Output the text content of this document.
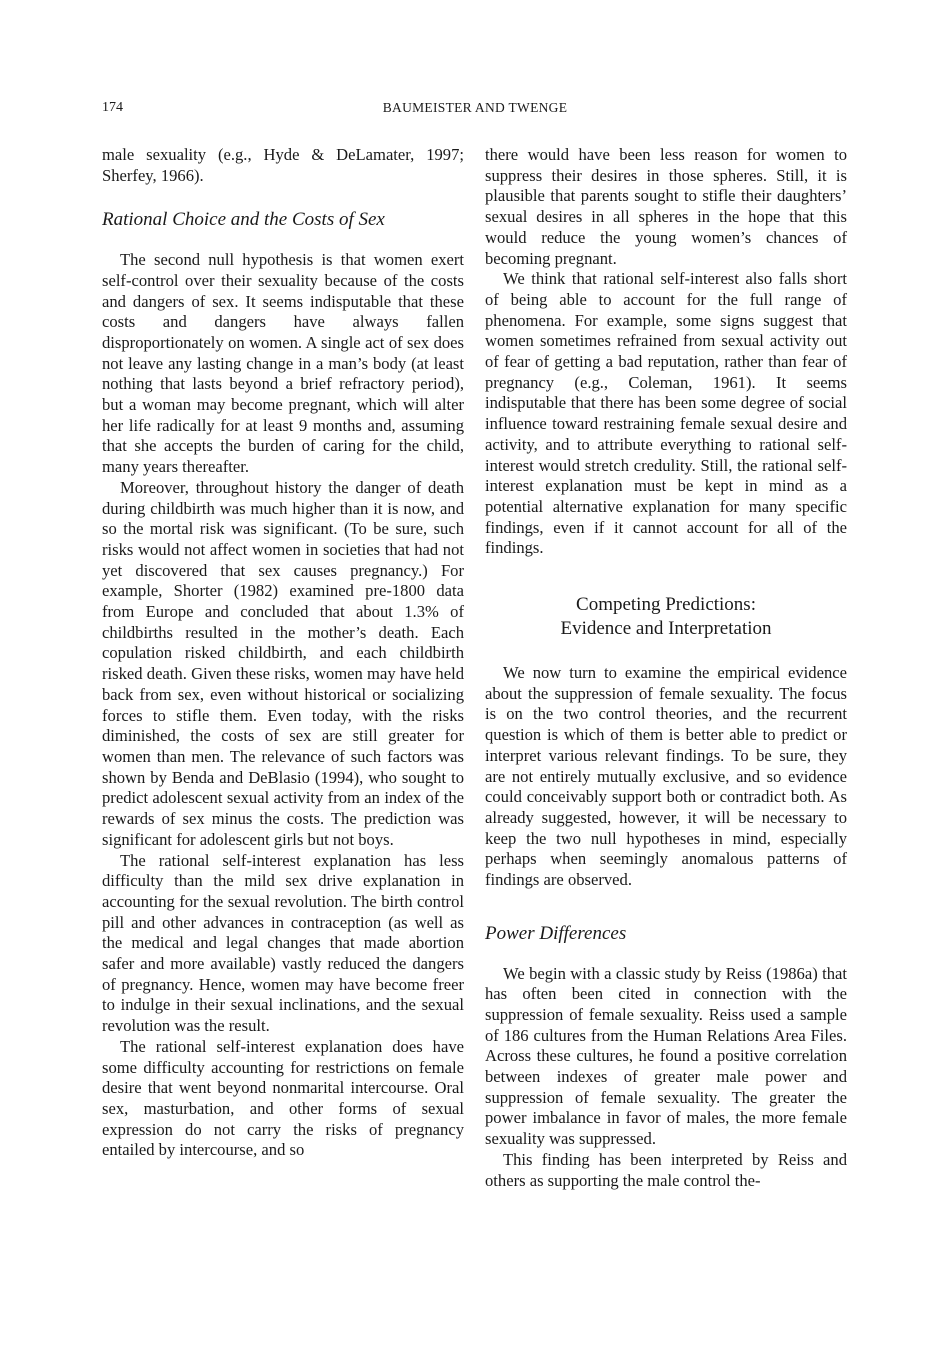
174	BAUMEISTER AND TWENGE

male sexuality (e.g., Hyde & DeLamater, 1997; Sherfey, 1966).

Rational Choice and the Costs of Sex

The second null hypothesis is that women exert self-control over their sexuality because of the costs and dangers of sex. It seems indisputable that these costs and dangers have always fallen disproportionately on women. A single act of sex does not leave any lasting change in a man’s body (at least nothing that lasts beyond a brief refractory period), but a woman may become pregnant, which will alter her life radically for at least 9 months and, assuming that she accepts the burden of caring for the child, many years thereafter.

Moreover, throughout history the danger of death during childbirth was much higher than it is now, and so the mortal risk was significant. (To be sure, such risks would not affect women in societies that had not yet discovered that sex causes pregnancy.) For example, Shorter (1982) examined pre-1800 data from Europe and concluded that about 1.3% of childbirths resulted in the mother’s death. Each copulation risked childbirth, and each childbirth risked death. Given these risks, women may have held back from sex, even without historical or socializing forces to stifle them. Even today, with the risks diminished, the costs of sex are still greater for women than men. The relevance of such factors was shown by Benda and DeBlasio (1994), who sought to predict adolescent sexual activity from an index of the rewards of sex minus the costs. The prediction was significant for adolescent girls but not boys.

The rational self-interest explanation has less difficulty than the mild sex drive explanation in accounting for the sexual revolution. The birth control pill and other advances in contraception (as well as the medical and legal changes that made abortion safer and more available) vastly reduced the dangers of pregnancy. Hence, women may have become freer to indulge in their sexual inclinations, and the sexual revolution was the result.

The rational self-interest explanation does have some difficulty accounting for restrictions on female desire that went beyond nonmarital intercourse. Oral sex, masturbation, and other forms of sexual expression do not carry the risks of pregnancy entailed by intercourse, and so

there would have been less reason for women to suppress their desires in those spheres. Still, it is plausible that parents sought to stifle their daughters’ sexual desires in all spheres in the hope that this would reduce the young women’s chances of becoming pregnant.

We think that rational self-interest also falls short of being able to account for the full range of phenomena. For example, some signs suggest that women sometimes refrained from sexual activity out of fear of getting a bad reputation, rather than fear of pregnancy (e.g., Coleman, 1961). It seems indisputable that there has been some degree of social influence toward restraining female sexual desire and activity, and to attribute everything to rational self-interest would stretch credulity. Still, the rational self-interest explanation must be kept in mind as a potential alternative explanation for many specific findings, even if it cannot account for all of the findings.

Competing Predictions:
Evidence and Interpretation

We now turn to examine the empirical evidence about the suppression of female sexuality. The focus is on the two control theories, and the recurrent question is which of them is better able to predict or interpret various relevant findings. To be sure, they are not entirely mutually exclusive, and so evidence could conceivably support both or contradict both. As already suggested, however, it will be necessary to keep the two null hypotheses in mind, especially perhaps when seemingly anomalous patterns of findings are observed.

Power Differences

We begin with a classic study by Reiss (1986a) that has often been cited in connection with the suppression of female sexuality. Reiss used a sample of 186 cultures from the Human Relations Area Files. Across these cultures, he found a positive correlation between indexes of greater male power and suppression of female sexuality. The greater the power imbalance in favor of males, the more female sexuality was suppressed.

This finding has been interpreted by Reiss and others as supporting the male control the-
